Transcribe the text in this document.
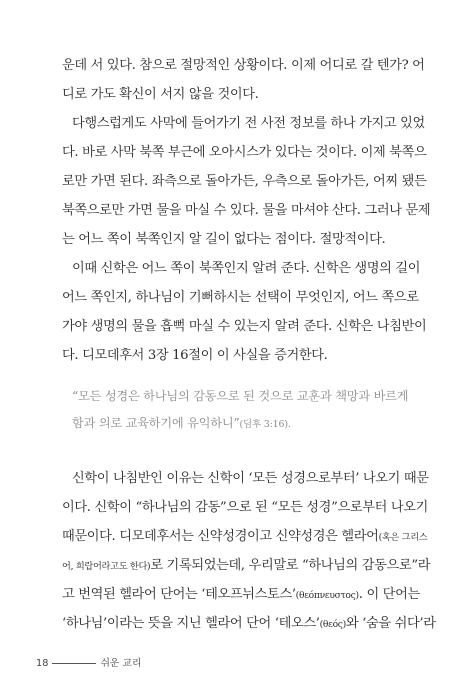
운데 서 있다. 참으로 절망적인 상황이다. 이제 어디로 갈 텐가? 어
디로 가도 확신이 서지 않을 것이다.
다행스럽게도 사막에 들어가기 전 사전 정보를 하나 가지고 있었
다. 바로 사막 북쪽 부근에 오아시스가 있다는 것이다. 이제 북쪽으
로만 가면 된다. 좌측으로 돌아가든, 우측으로 돌아가든, 어찌 됐든
북쪽으로만 가면 물을 마실 수 있다. 물을 마셔야 산다. 그러나 문제
는 어느 쪽이 북쪽인지 알 길이 없다는 점이다. 절망적이다.
이때 신학은 어느 쪽이 북쪽인지 알려 준다. 신학은 생명의 길이
어느 쪽인지, 하나님이 기뻐하시는 선택이 무엇인지, 어느 쪽으로
가야 생명의 물을 흡뻑 마실 수 있는지 알려 준다. 신학은 나침반이
다. 디모데후서 3장 16절이 이 사실을 증거한다.
“모든 성경은 하나님의 감동으로 된 것으로 교훈과 책망과 바르게
함과 의로 교육하기에 유익하니”(딤후 3:16).
신학이 나침반인 이유는 신학이 ‘모든 성경으로부터’ 나오기 때문
이다. 신학이 “하나님의 감동”으로 된 “모든 성경”으로부터 나오기
때문이다. 디모데후서는 신약성경이고 신약성경은 헬라어(혹은 그리스
어, 희랍어라고도 한다)로 기록되었는데, 우리말로 “하나님의 감동으로”라
고 번역된 헬라어 단어는 ‘테오프뉘스토스’(θεόπνευστος). 이 단어는
‘하나님’이라는 뜻을 지닌 헬라어 단어 ‘테오스’(θεός)와 ‘숨을 쉬다’라
18	쉬운 교리
